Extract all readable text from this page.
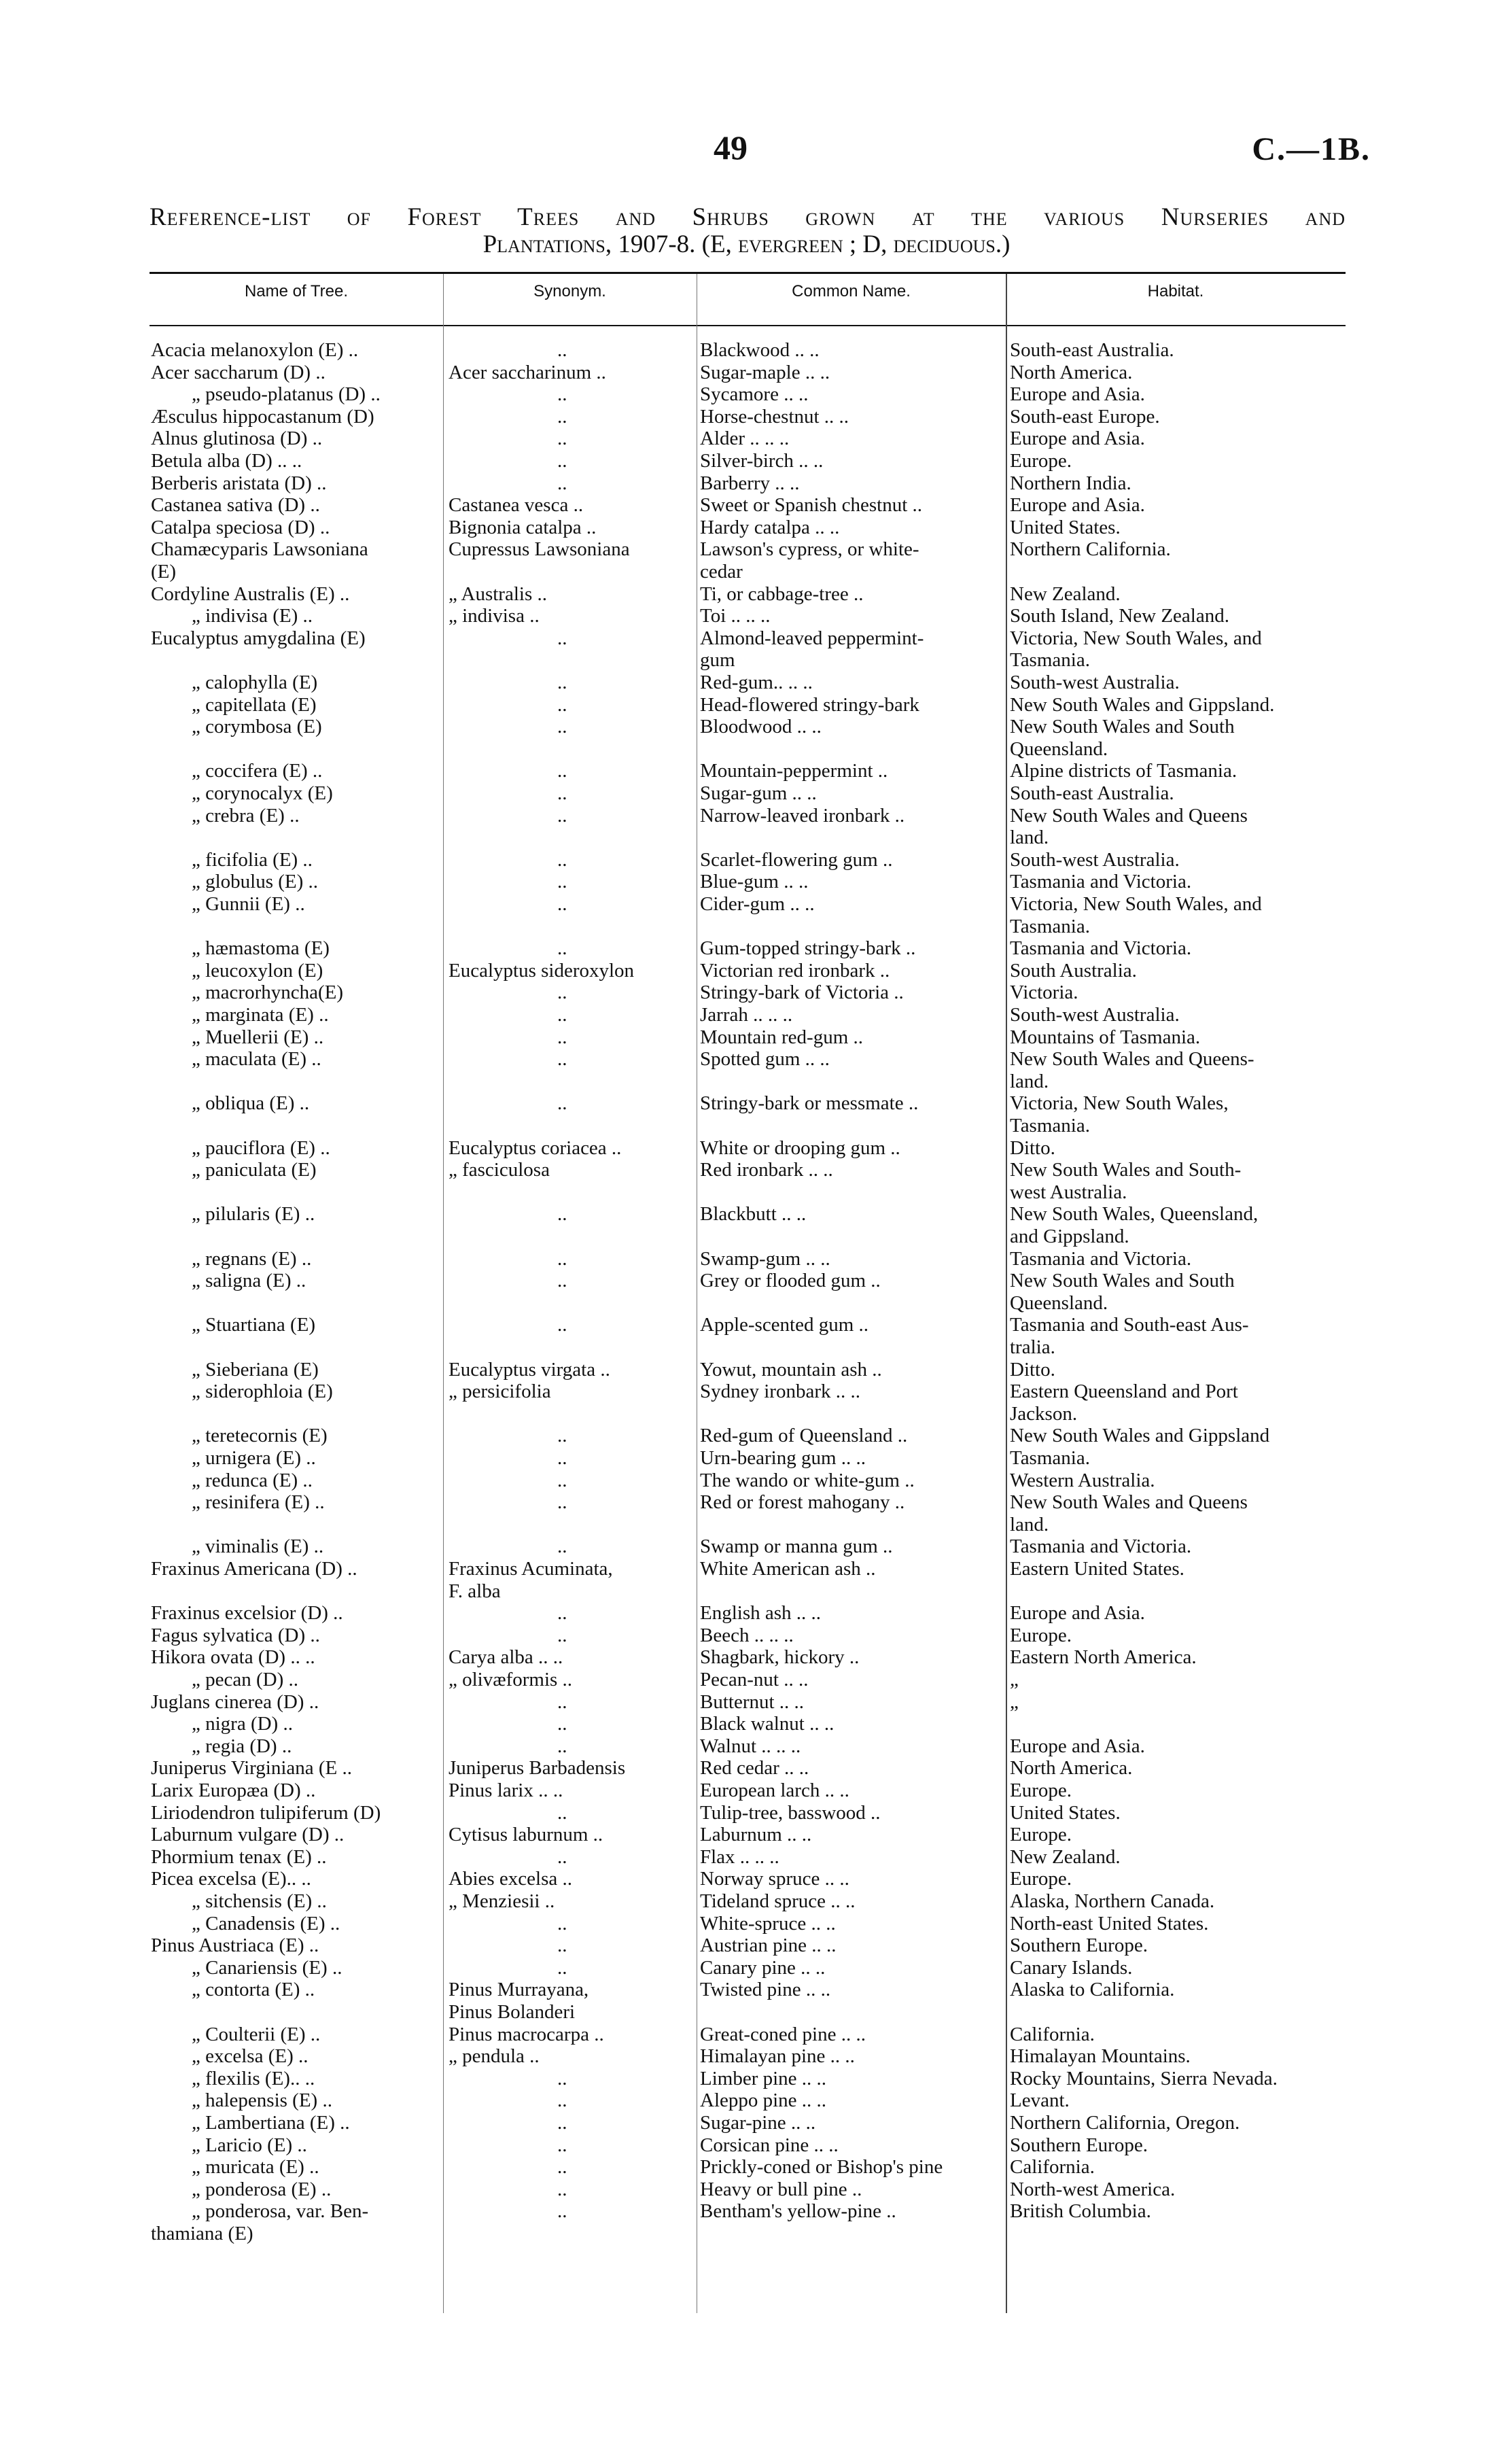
49	C.—1B.
Reference-list of Forest Trees and Shrubs grown at the various Nurseries and
Plantations, 1907-8. (E, evergreen ; D, deciduous.)
Name of Tree.	Synonym.	Common Name.	Habitat.
Acacia melanoxylon (E) ..	..	Blackwood .. ..	South-east Australia.
Acer saccharum (D) ..	Acer saccharinum ..	Sugar-maple .. ..	North America.
„ pseudo-platanus (D) ..	..	Sycamore .. ..	Europe and Asia.
Æsculus hippocastanum (D)	..	Horse-chestnut .. ..	South-east Europe.
Alnus glutinosa (D) ..	..	Alder .. .. ..	Europe and Asia.
Betula alba (D) .. ..	..	Silver-birch .. ..	Europe.
Berberis aristata (D) ..	..	Barberry .. ..	Northern India.
Castanea sativa (D) ..	Castanea vesca ..	Sweet or Spanish chestnut ..	Europe and Asia.
Catalpa speciosa (D) ..	Bignonia catalpa ..	Hardy catalpa .. ..	United States.
Chamæcyparis Lawsoniana	Cupressus Lawsoniana	Lawson's cypress, or white-	Northern California.
(E)	cedar
Cordyline Australis (E) ..	„ Australis ..	Ti, or cabbage-tree ..	New Zealand.
„ indivisa (E) ..	„ indivisa ..	Toi .. .. ..	South Island, New Zealand.
Eucalyptus amygdalina (E)	..	Almond-leaved peppermint-	Victoria, New South Wales, and
gum	Tasmania.
„ calophylla (E)	..	Red-gum.. .. ..	South-west Australia.
„ capitellata (E)	..	Head-flowered stringy-bark	New South Wales and Gippsland.
„ corymbosa (E)	..	Bloodwood .. ..	New South Wales and South
Queensland.
„ coccifera (E) ..	..	Mountain-peppermint ..	Alpine districts of Tasmania.
„ corynocalyx (E)	..	Sugar-gum .. ..	South-east Australia.
„ crebra (E) ..	..	Narrow-leaved ironbark ..	New South Wales and Queens
land.
„ ficifolia (E) ..	..	Scarlet-flowering gum ..	South-west Australia.
„ globulus (E) ..	..	Blue-gum .. ..	Tasmania and Victoria.
„ Gunnii (E) ..	..	Cider-gum .. ..	Victoria, New South Wales, and
Tasmania.
„ hæmastoma (E)	..	Gum-topped stringy-bark ..	Tasmania and Victoria.
„ leucoxylon (E)	Eucalyptus sideroxylon	Victorian red ironbark ..	South Australia.
„ macrorhyncha(E)	..	Stringy-bark of Victoria ..	Victoria.
„ marginata (E) ..	..	Jarrah .. .. ..	South-west Australia.
„ Muellerii (E) ..	..	Mountain red-gum ..	Mountains of Tasmania.
„ maculata (E) ..	..	Spotted gum .. ..	New South Wales and Queens-
land.
„ obliqua (E) ..	..	Stringy-bark or messmate ..	Victoria, New South Wales,
Tasmania.
„ pauciflora (E) ..	Eucalyptus coriacea ..	White or drooping gum ..	Ditto.
„ paniculata (E)	„ fasciculosa	Red ironbark .. ..	New South Wales and South-
west Australia.
„ pilularis (E) ..	..	Blackbutt .. ..	New South Wales, Queensland,
and Gippsland.
„ regnans (E) ..	..	Swamp-gum .. ..	Tasmania and Victoria.
„ saligna (E) ..	..	Grey or flooded gum ..	New South Wales and South
Queensland.
„ Stuartiana (E)	..	Apple-scented gum ..	Tasmania and South-east Aus-
tralia.
„ Sieberiana (E)	Eucalyptus virgata ..	Yowut, mountain ash ..	Ditto.
„ siderophloia (E)	„ persicifolia	Sydney ironbark .. ..	Eastern Queensland and Port
Jackson.
„ teretecornis (E)	..	Red-gum of Queensland ..	New South Wales and Gippsland
„ urnigera (E) ..	..	Urn-bearing gum .. ..	Tasmania.
„ redunca (E) ..	..	The wando or white-gum ..	Western Australia.
„ resinifera (E) ..	..	Red or forest mahogany ..	New South Wales and Queens
land.
„ viminalis (E) ..	..	Swamp or manna gum ..	Tasmania and Victoria.
Fraxinus Americana (D) ..	Fraxinus Acuminata,	White American ash ..	Eastern United States.
F. alba
Fraxinus excelsior (D) ..	..	English ash .. ..	Europe and Asia.
Fagus sylvatica (D) ..	..	Beech .. .. ..	Europe.
Hikora ovata (D) .. ..	Carya alba .. ..	Shagbark, hickory ..	Eastern North America.
„ pecan (D) ..	„ olivæformis ..	Pecan-nut .. ..	„
Juglans cinerea (D) ..	..	Butternut .. ..	„
„ nigra (D) ..	..	Black walnut .. ..
„ regia (D) ..	..	Walnut .. .. ..	Europe and Asia.
Juniperus Virginiana (E ..	Juniperus Barbadensis	Red cedar .. ..	North America.
Larix Europæa (D) ..	Pinus larix .. ..	European larch .. ..	Europe.
Liriodendron tulipiferum (D)	..	Tulip-tree, basswood ..	United States.
Laburnum vulgare (D) ..	Cytisus laburnum ..	Laburnum .. ..	Europe.
Phormium tenax (E) ..	..	Flax .. .. ..	New Zealand.
Picea excelsa (E).. ..	Abies excelsa ..	Norway spruce .. ..	Europe.
„ sitchensis (E) ..	„ Menziesii ..	Tideland spruce .. ..	Alaska, Northern Canada.
„ Canadensis (E) ..	..	White-spruce .. ..	North-east United States.
Pinus Austriaca (E) ..	..	Austrian pine .. ..	Southern Europe.
„ Canariensis (E) ..	..	Canary pine .. ..	Canary Islands.
„ contorta (E) ..	Pinus Murrayana,	Twisted pine .. ..	Alaska to California.
Pinus Bolanderi
„ Coulterii (E) ..	Pinus macrocarpa ..	Great-coned pine .. ..	California.
„ excelsa (E) ..	„ pendula ..	Himalayan pine .. ..	Himalayan Mountains.
„ flexilis (E).. ..	..	Limber pine .. ..	Rocky Mountains, Sierra Nevada.
„ halepensis (E) ..	..	Aleppo pine .. ..	Levant.
„ Lambertiana (E) ..	..	Sugar-pine .. ..	Northern California, Oregon.
„ Laricio (E) ..	..	Corsican pine .. ..	Southern Europe.
„ muricata (E) ..	..	Prickly-coned or Bishop's pine	California.
„ ponderosa (E) ..	..	Heavy or bull pine ..	North-west America.
„ ponderosa, var. Ben-	..	Bentham's yellow-pine ..	British Columbia.
thamiana (E)
